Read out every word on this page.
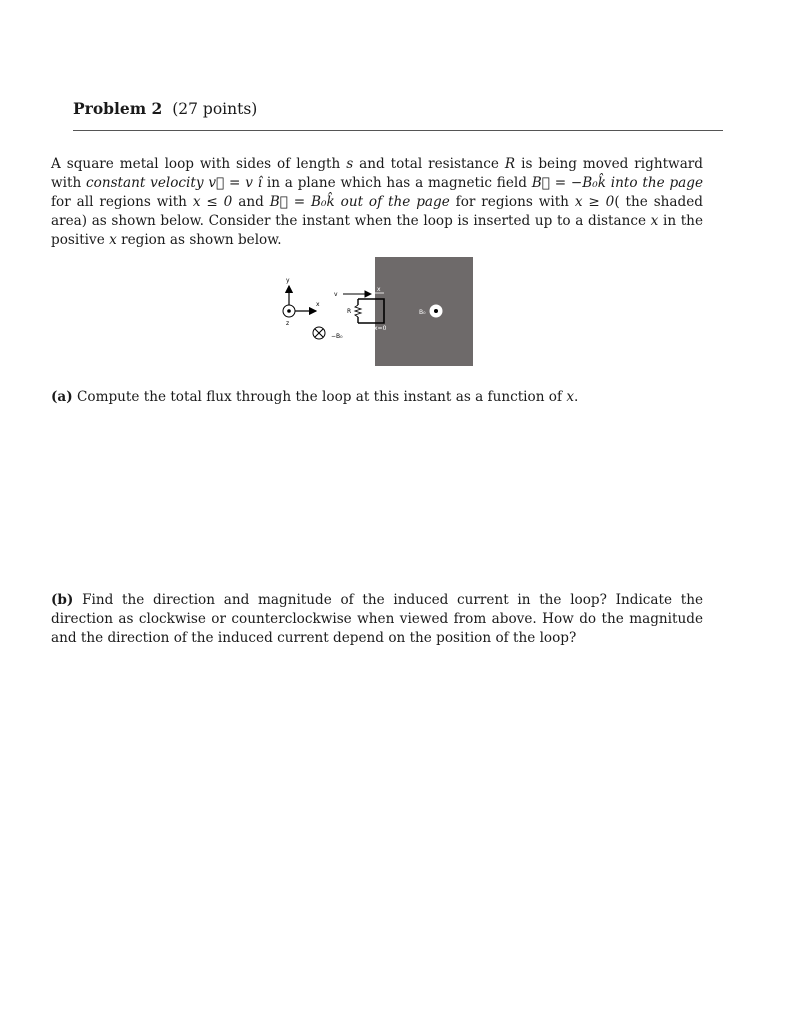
Problem 2 (27 points)
A square metal loop with sides of length s and total resistance R is being moved rightward with constant velocity v⃗ = v î in a plane which has a magnetic field B⃗ = −B₀k̂ into the page for all regions with x ≤ 0 and B⃗ = B₀k̂ out of the page for regions with x ≥ 0( the shaded area) as shown below. Consider the instant when the loop is inserted up to a distance x in the positive x region as shown below.
y
x
z
v
R
x
x=0
B₀
−B₀
(a) Compute the total flux through the loop at this instant as a function of x.
(b) Find the direction and magnitude of the induced current in the loop? Indicate the direction as clockwise or counterclockwise when viewed from above. How do the magnitude and the direction of the induced current depend on the position of the loop?
